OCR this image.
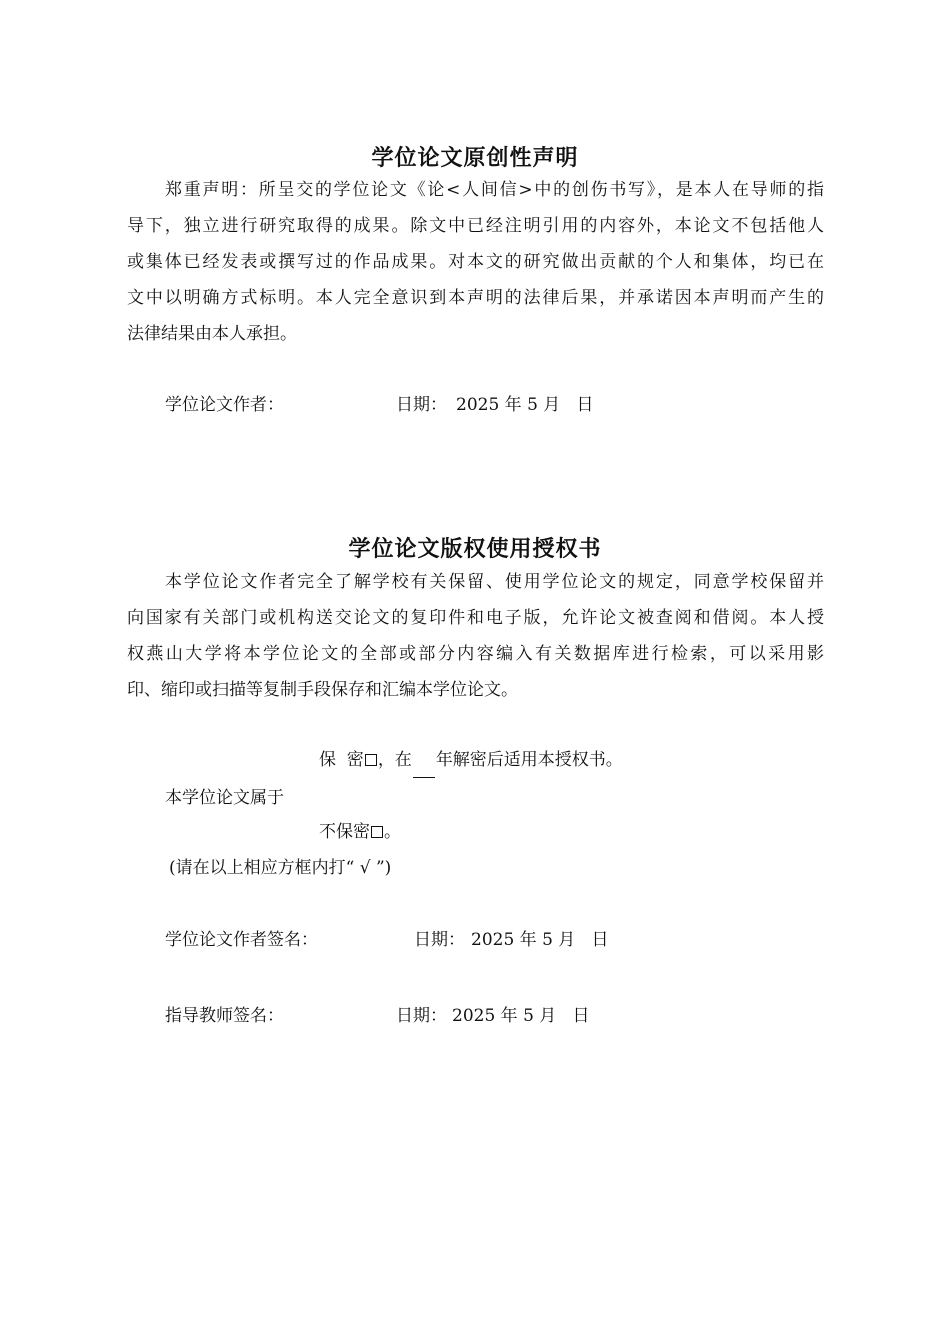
学位论文原创性声明
郑重声明：所呈交的学位论文《论<人间信>中的创伤书写》，是本人在导师的指
导下，独立进行研究取得的成果。除文中已经注明引用的内容外，本论文不包括他人
或集体已经发表或撰写过的作品成果。对本文的研究做出贡献的个人和集体，均已在
文中以明确方式标明。本人完全意识到本声明的法律后果，并承诺因本声明而产生的
法律结果由本人承担。
学位论文作者：	日期： 2025 年 5 月   日
学位论文版权使用授权书
本学位论文作者完全了解学校有关保留、使用学位论文的规定，同意学校保留并
向国家有关部门或机构送交论文的复印件和电子版，允许论文被查阅和借阅。本人授
权燕山大学将本学位论文的全部或部分内容编入有关数据库进行检索，可以采用影
印、缩印或扫描等复制手段保存和汇编本学位论文。
保  密 ，在 年解密后适用本授权书。
本学位论文属于
不保密 。
(请在以上相应方框内打“ √ ”)
学位论文作者签名：	日期： 2025 年 5 月   日
指导教师签名：	日期： 2025 年 5 月   日
